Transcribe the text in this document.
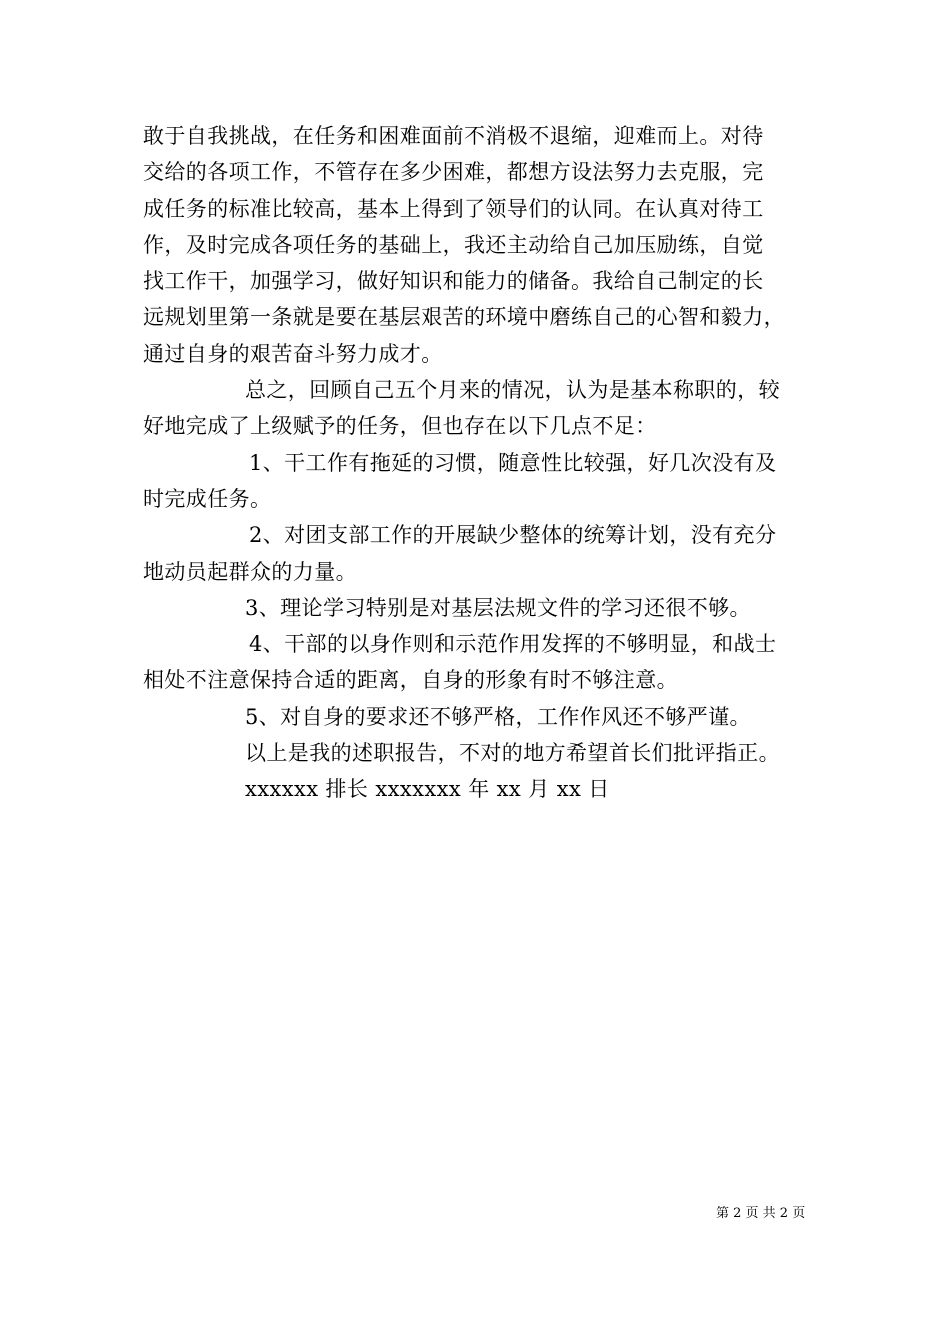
敢于自我挑战，在任务和困难面前不消极不退缩，迎难而上。对待
交给的各项工作，不管存在多少困难，都想方设法努力去克服，完
成任务的标准比较高，基本上得到了领导们的认同。在认真对待工
作，及时完成各项任务的基础上，我还主动给自己加压励练，自觉
找工作干，加强学习，做好知识和能力的储备。我给自己制定的长
远规划里第一条就是要在基层艰苦的环境中磨练自己的心智和毅力，
通过自身的艰苦奋斗努力成才。
总之，回顾自己五个月来的情况，认为是基本称职的，较
好地完成了上级赋予的任务，但也存在以下几点不足：
1、干工作有拖延的习惯，随意性比较强，好几次没有及
时完成任务。
2、对团支部工作的开展缺少整体的统筹计划，没有充分
地动员起群众的力量。
3、理论学习特别是对基层法规文件的学习还很不够。
4、干部的以身作则和示范作用发挥的不够明显，和战士
相处不注意保持合适的距离，自身的形象有时不够注意。
5、对自身的要求还不够严格，工作作风还不够严谨。
以上是我的述职报告，不对的地方希望首长们批评指正。
xxxxxx 排长 xxxxxxx 年 xx 月 xx 日
第 2 页 共 2 页
